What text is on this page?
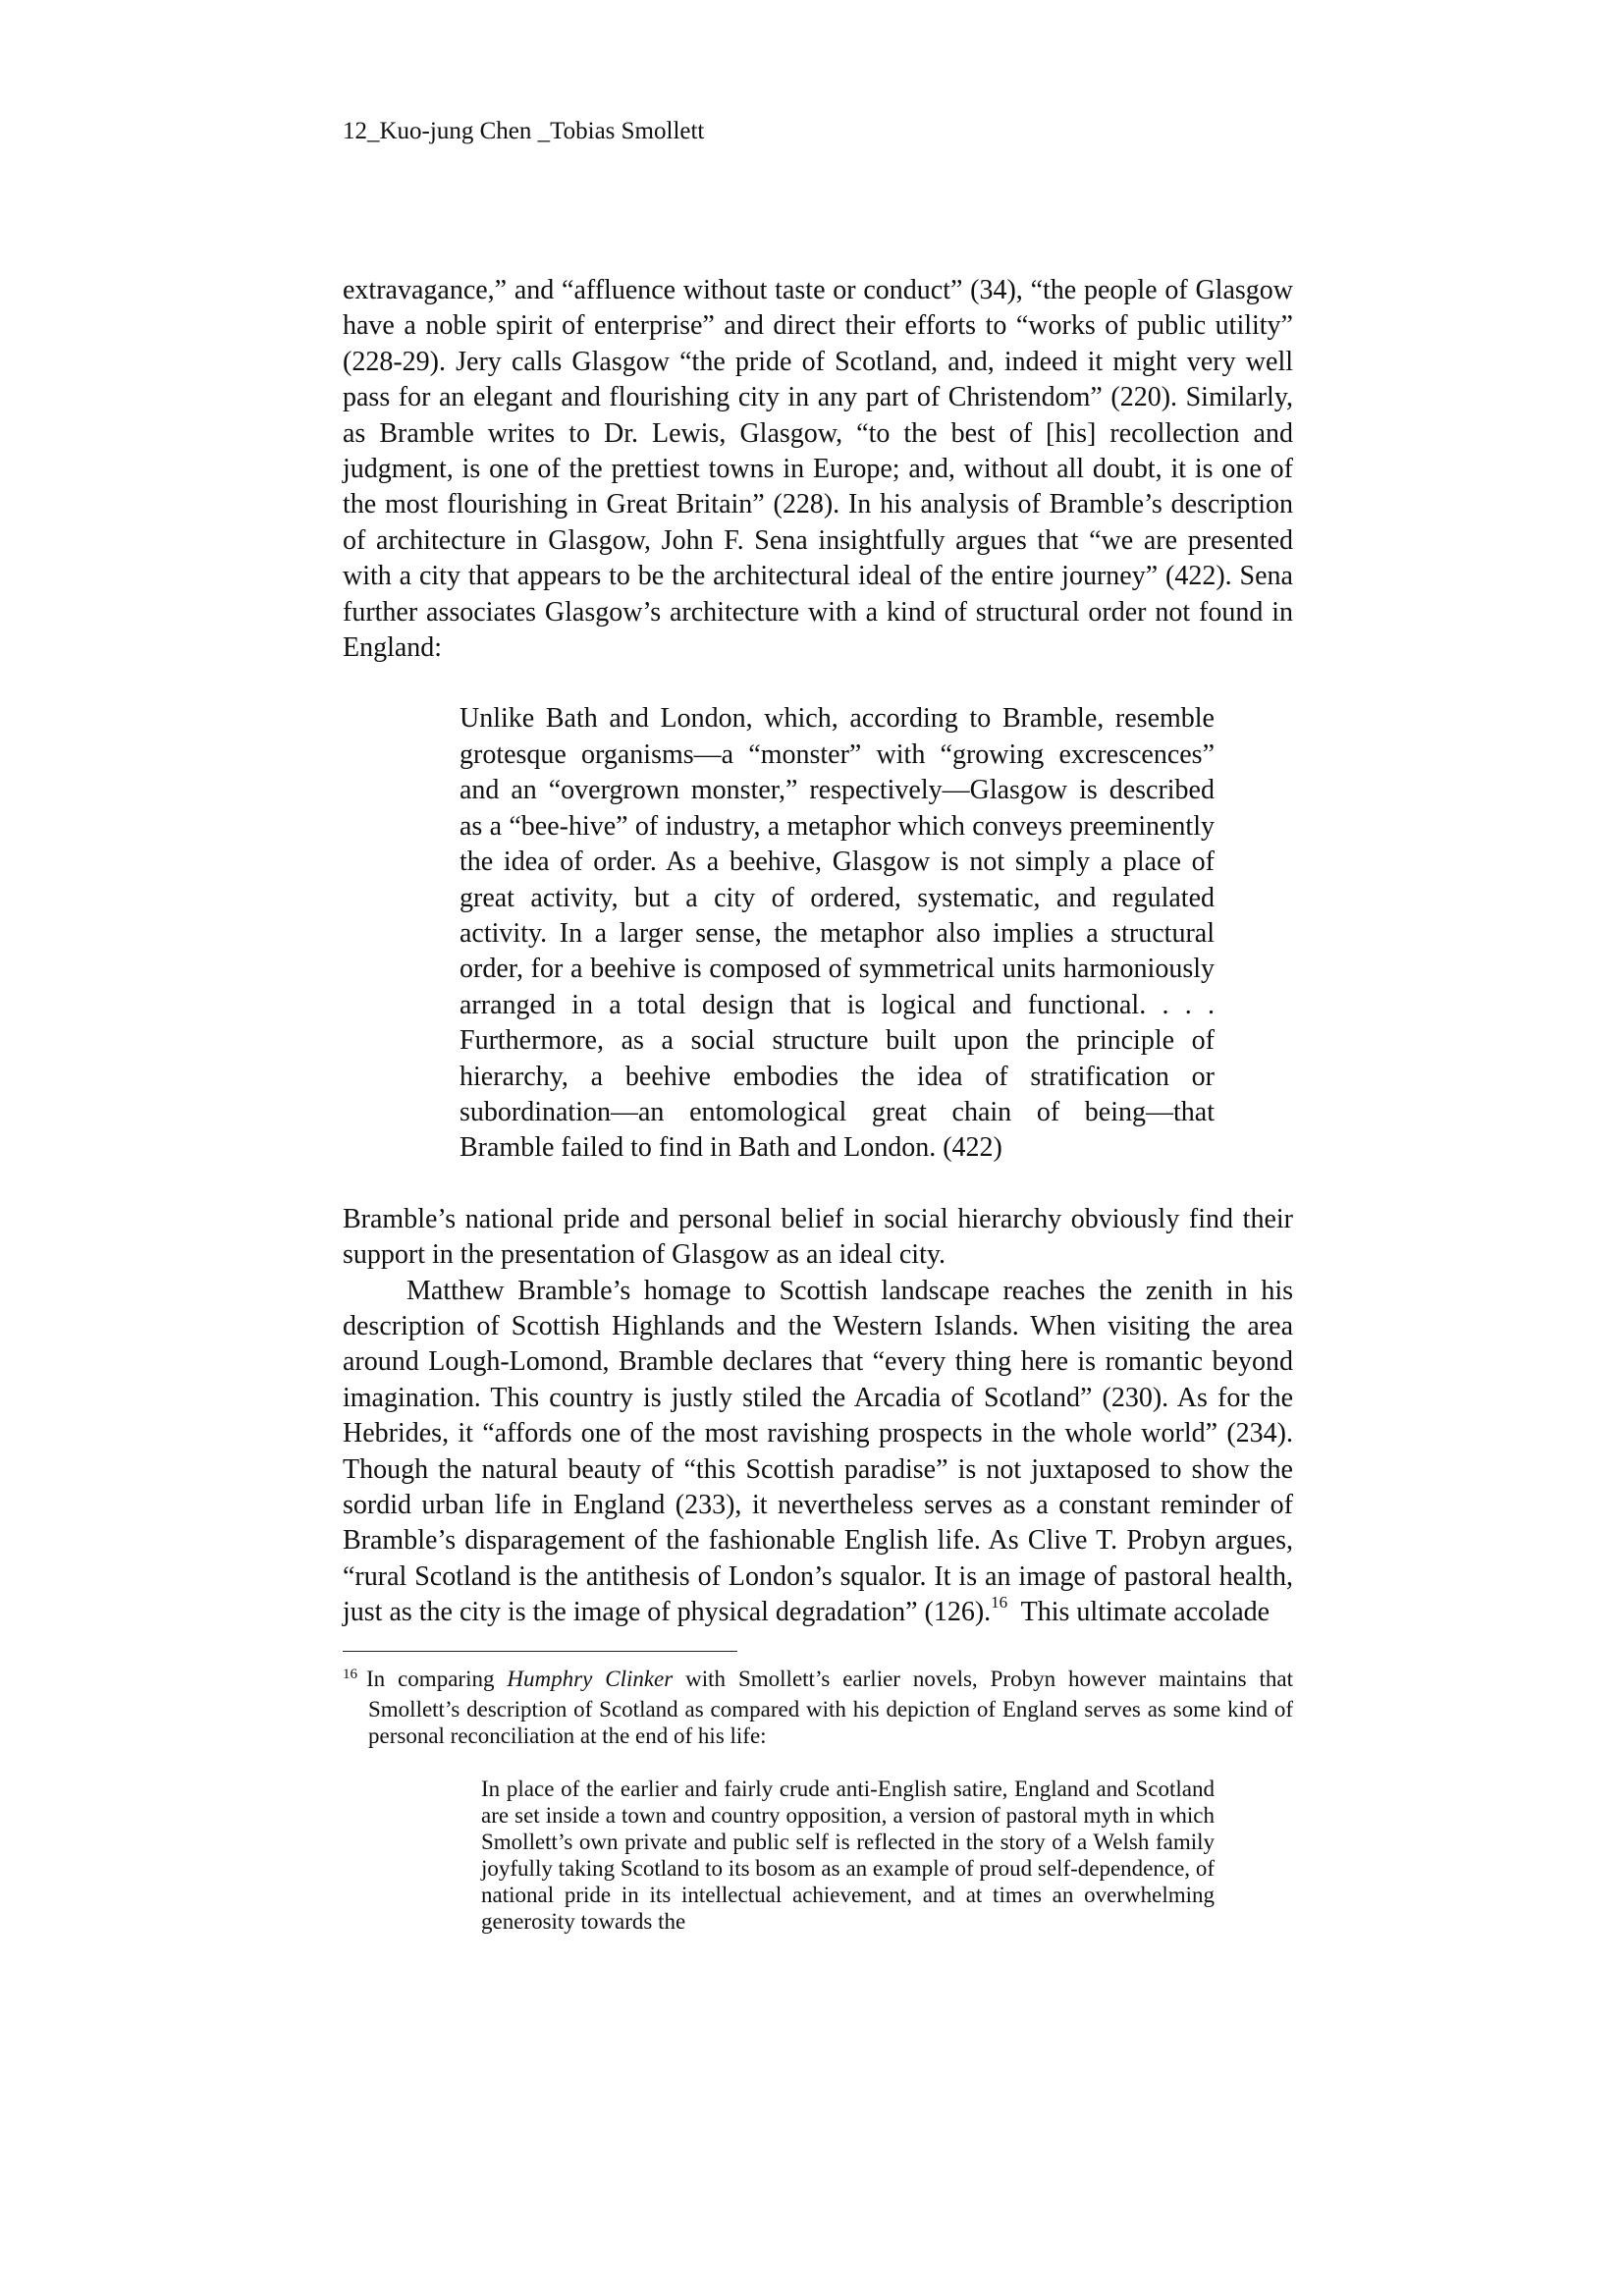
12_Kuo-jung Chen _Tobias Smollett

extravagance,” and “affluence without taste or conduct” (34), “the people of Glasgow have a noble spirit of enterprise” and direct their efforts to “works of public utility” (228-29). Jery calls Glasgow “the pride of Scotland, and, indeed it might very well pass for an elegant and flourishing city in any part of Christendom” (220). Similarly, as Bramble writes to Dr. Lewis, Glasgow, “to the best of [his] recollection and judgment, is one of the prettiest towns in Europe; and, without all doubt, it is one of the most flourishing in Great Britain” (228). In his analysis of Bramble’s description of architecture in Glasgow, John F. Sena insightfully argues that “we are presented with a city that appears to be the architectural ideal of the entire journey” (422). Sena further associates Glasgow’s architecture with a kind of structural order not found in England:

Unlike Bath and London, which, according to Bramble, resemble grotesque organisms—a “monster” with “growing excrescences” and an “overgrown monster,” respectively—Glasgow is described as a “bee-hive” of industry, a metaphor which conveys preeminently the idea of order. As a beehive, Glasgow is not simply a place of great activity, but a city of ordered, systematic, and regulated activity. In a larger sense, the metaphor also implies a structural order, for a beehive is composed of symmetrical units harmoniously arranged in a total design that is logical and functional. . . . Furthermore, as a social structure built upon the principle of hierarchy, a beehive embodies the idea of stratification or subordination—an entomological great chain of being—that Bramble failed to find in Bath and London. (422)

Bramble’s national pride and personal belief in social hierarchy obviously find their support in the presentation of Glasgow as an ideal city.

Matthew Bramble’s homage to Scottish landscape reaches the zenith in his description of Scottish Highlands and the Western Islands. When visiting the area around Lough-Lomond, Bramble declares that “every thing here is romantic beyond imagination. This country is justly stiled the Arcadia of Scotland” (230). As for the Hebrides, it “affords one of the most ravishing prospects in the whole world” (234). Though the natural beauty of “this Scottish paradise” is not juxtaposed to show the sordid urban life in England (233), it nevertheless serves as a constant reminder of Bramble’s disparagement of the fashionable English life. As Clive T. Probyn argues, “rural Scotland is the antithesis of London’s squalor. It is an image of pastoral health, just as the city is the image of physical degradation” (126).$^{16}$ This ultimate accolade

$^{16}$ In comparing Humphry Clinker with Smollett’s earlier novels, Probyn however maintains that Smollett’s description of Scotland as compared with his depiction of England serves as some kind of personal reconciliation at the end of his life:

In place of the earlier and fairly crude anti-English satire, England and Scotland are set inside a town and country opposition, a version of pastoral myth in which Smollett’s own private and public self is reflected in the story of a Welsh family joyfully taking Scotland to its bosom as an example of proud self-dependence, of national pride in its intellectual achievement, and at times an overwhelming generosity towards the
